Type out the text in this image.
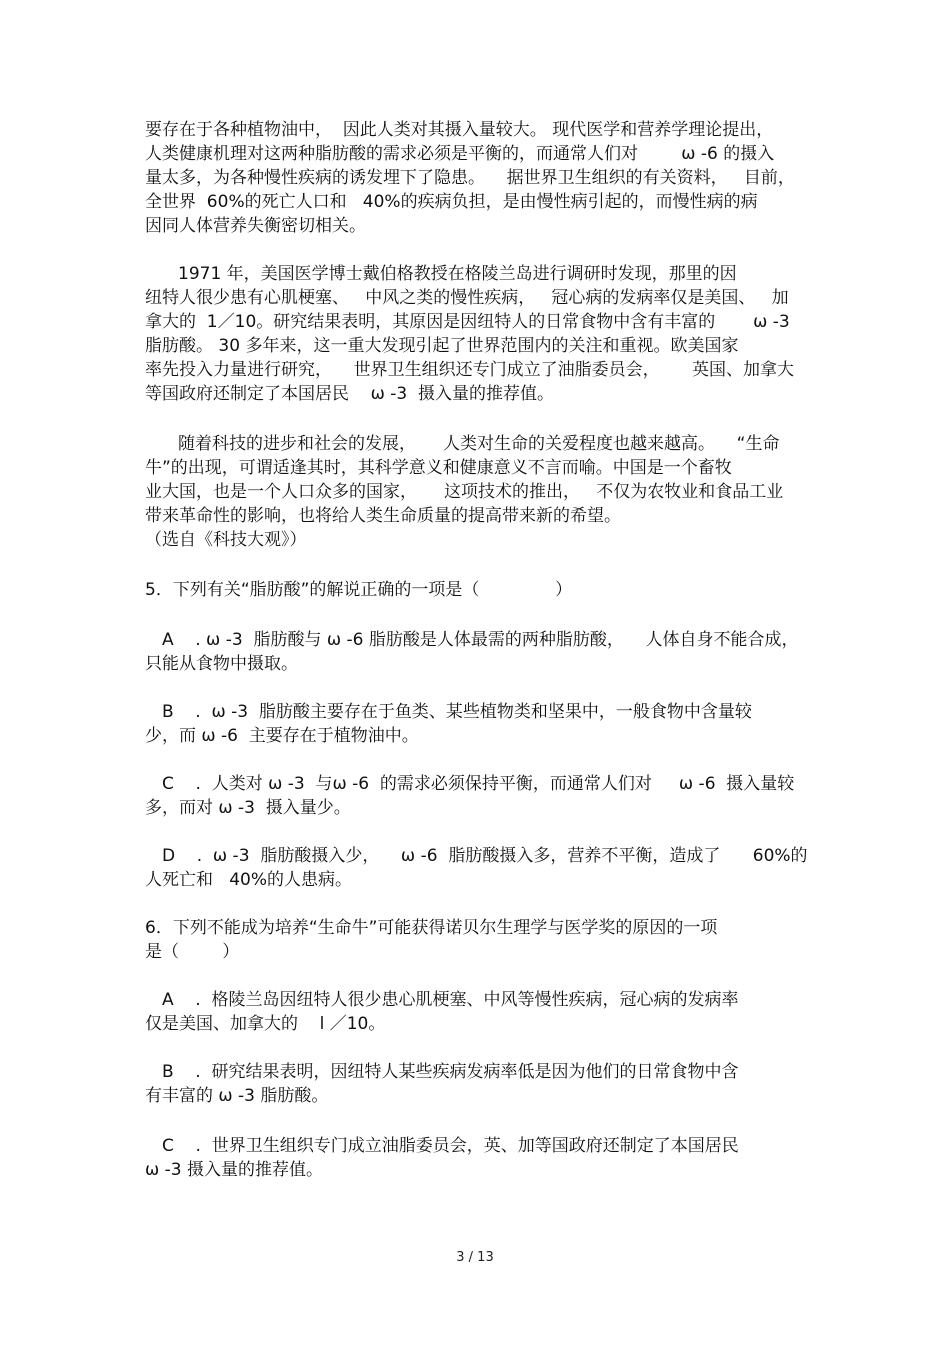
要存在于各种植物油中，  因此人类对其摄入量较大。 现代医学和营养学理论提出，
人类健康机理对这两种脂肪酸的需求必须是平衡的，而通常人们对        ω -6 的摄入
量太多，为各种慢性疾病的诱发埋下了隐患。    据世界卫生组织的有关资料，   目前，
全世界  60%的死亡人口和   40%的疾病负担，是由慢性病引起的，而慢性病的病
因同人体营养失衡密切相关。
1971 年，美国医学博士戴伯格教授在格陵兰岛进行调研时发现，那里的因
纽特人很少患有心肌梗塞、   中风之类的慢性疾病，   冠心病的发病率仅是美国、   加
拿大的  1／10。研究结果表明，其原因是因纽特人的日常食物中含有丰富的       ω -3
脂肪酸。 30 多年来，这一重大发现引起了世界范围内的关注和重视。欧美国家
率先投入力量进行研究，    世界卫生组织还专门成立了油脂委员会，      英国、加拿大
等国政府还制定了本国居民    ω -3  摄入量的推荐值。
随着科技的进步和社会的发展，     人类对生命的关爱程度也越来越高。    “生命
牛”的出现，可谓适逢其时，其科学意义和健康意义不言而喻。中国是一个畜牧
业大国，也是一个人口众多的国家，     这项技术的推出，   不仅为农牧业和食品工业
带来革命性的影响，也将给人类生命质量的提高带来新的希望。
（选自《科技大观》）
5．下列有关“脂肪酸”的解说正确的一项是（              ）
A    . ω -3  脂肪酸与 ω -6 脂肪酸是人体最需的两种脂肪酸，    人体自身不能合成，
只能从食物中摄取。
B    .  ω -3  脂肪酸主要存在于鱼类、某些植物类和坚果中，一般食物中含量较
少，而 ω -6  主要存在于植物油中。
C    .  人类对 ω -3  与ω -6  的需求必须保持平衡，而通常人们对     ω -6  摄入量较
多，而对 ω -3  摄入量少。
D    .  ω -3  脂肪酸摄入少，    ω -6  脂肪酸摄入多，营养不平衡，造成了      60%的
人死亡和   40%的人患病。
6．下列不能成为培养“生命牛”可能获得诺贝尔生理学与医学奖的原因的一项
是（        ）
A    .  格陵兰岛因纽特人很少患心肌梗塞、中风等慢性疾病，冠心病的发病率
仅是美国、加拿大的    l ／10。
B    .  研究结果表明，因纽特人某些疾病发病率低是因为他们的日常食物中含
有丰富的 ω -3 脂肪酸。
C    .  世界卫生组织专门成立油脂委员会，英、加等国政府还制定了本国居民
ω -3 摄入量的推荐值。
3 / 13
